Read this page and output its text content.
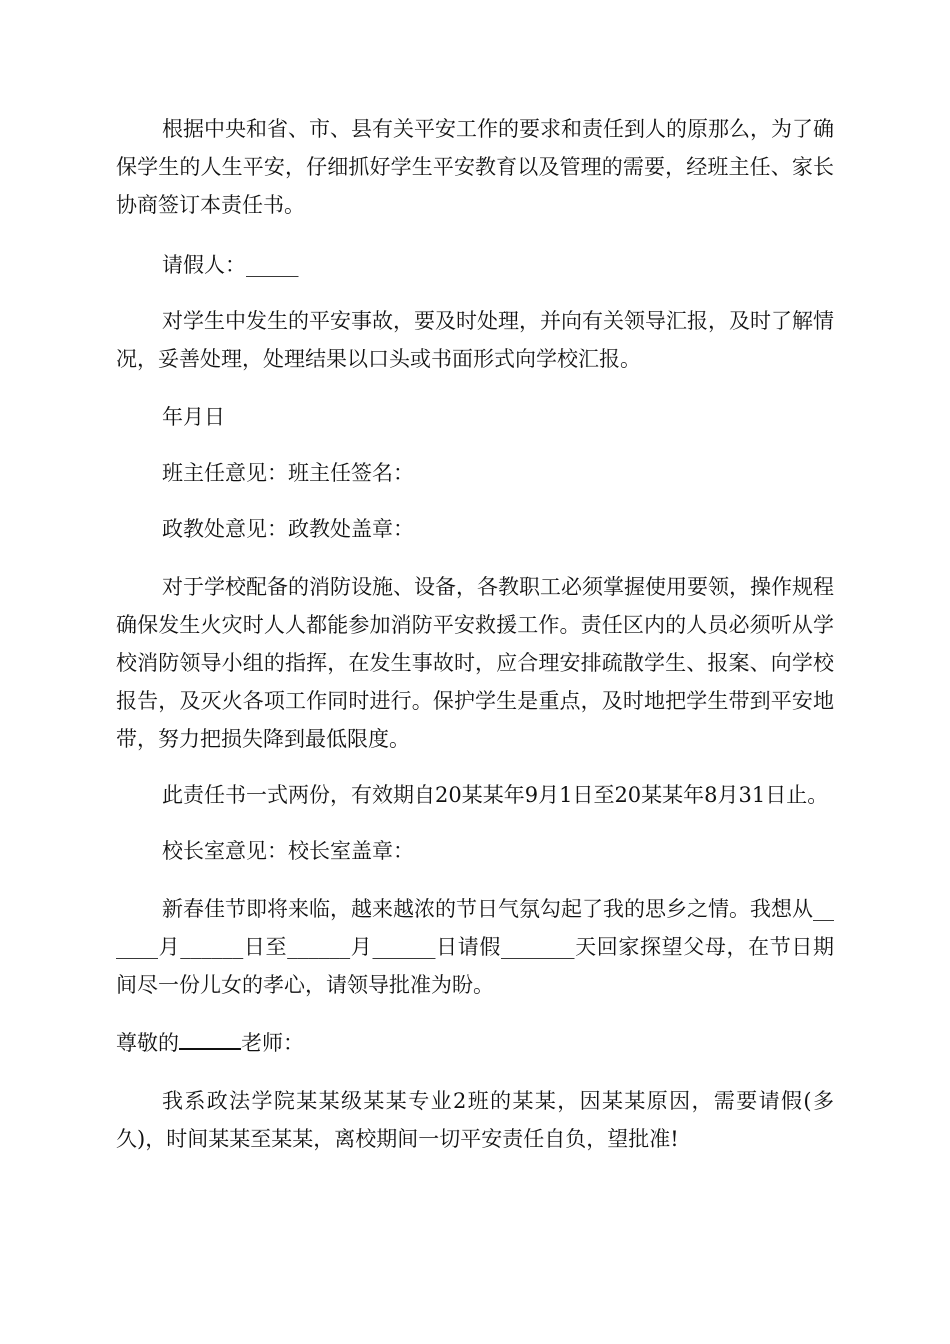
根据中央和省、市、县有关平安工作的要求和责任到人的原那么，为了确保学生的人生平安，仔细抓好学生平安教育以及管理的需要，经班主任、家长协商签订本责任书。

请假人：_____

对学生中发生的平安事故，要及时处理，并向有关领导汇报，及时了解情况，妥善处理，处理结果以口头或书面形式向学校汇报。

年月日

班主任意见：班主任签名：

政教处意见：政教处盖章：

对于学校配备的消防设施、设备，各教职工必须掌握使用要领，操作规程确保发生火灾时人人都能参加消防平安救援工作。责任区内的人员必须听从学校消防领导小组的指挥，在发生事故时，应合理安排疏散学生、报案、向学校报告，及灭火各项工作同时进行。保护学生是重点，及时地把学生带到平安地带，努力把损失降到最低限度。

此责任书一式两份，有效期自20某某年9月1日至20某某年8月31日止。

校长室意见：校长室盖章：

新春佳节即将来临，越来越浓的节日气氛勾起了我的思乡之情。我想从______月______日至______月______日请假_______天回家探望父母，在节日期间尽一份儿女的孝心，请领导批准为盼。

尊敬的	老师：

我系政法学院某某级某某专业2班的某某，因某某原因，需要请假(多久)，时间某某至某某，离校期间一切平安责任自负，望批准!
